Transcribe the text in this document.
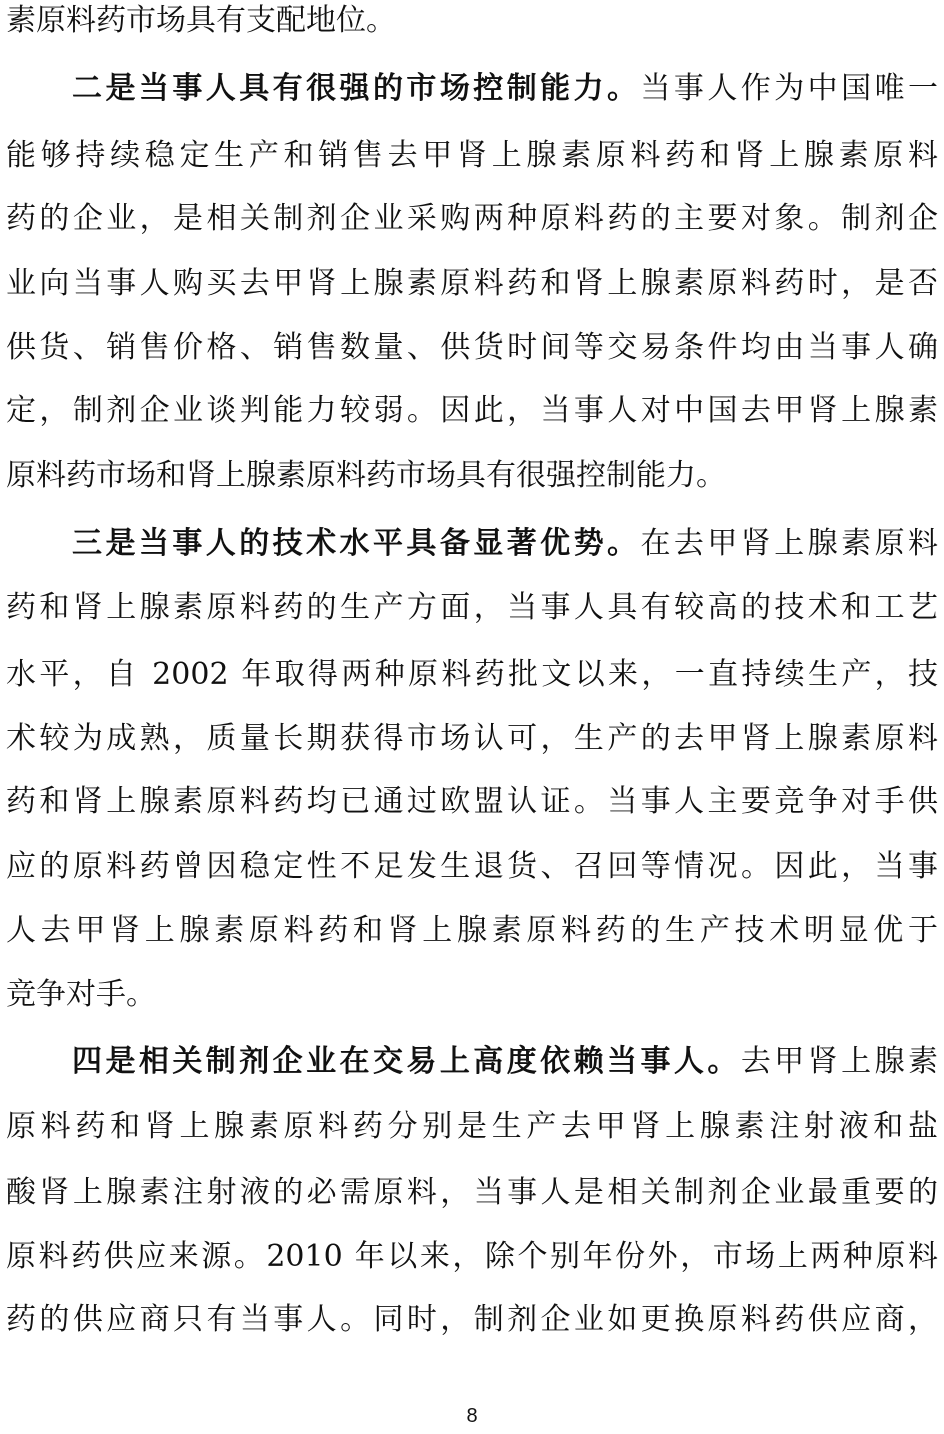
素原料药市场具有支配地位。
二是当事人具有很强的市场控制能力。当事人作为中国唯一
能够持续稳定生产和销售去甲肾上腺素原料药和肾上腺素原料
药的企业，是相关制剂企业采购两种原料药的主要对象。制剂企
业向当事人购买去甲肾上腺素原料药和肾上腺素原料药时，是否
供货、销售价格、销售数量、供货时间等交易条件均由当事人确
定，制剂企业谈判能力较弱。因此，当事人对中国去甲肾上腺素
原料药市场和肾上腺素原料药市场具有很强控制能力。
三是当事人的技术水平具备显著优势。在去甲肾上腺素原料
药和肾上腺素原料药的生产方面，当事人具有较高的技术和工艺
水平，自 2002 年取得两种原料药批文以来，一直持续生产，技
术较为成熟，质量长期获得市场认可，生产的去甲肾上腺素原料
药和肾上腺素原料药均已通过欧盟认证。当事人主要竞争对手供
应的原料药曾因稳定性不足发生退货、召回等情况。因此，当事
人去甲肾上腺素原料药和肾上腺素原料药的生产技术明显优于
竞争对手。
四是相关制剂企业在交易上高度依赖当事人。去甲肾上腺素
原料药和肾上腺素原料药分别是生产去甲肾上腺素注射液和盐
酸肾上腺素注射液的必需原料，当事人是相关制剂企业最重要的
原料药供应来源。2010 年以来，除个别年份外，市场上两种原料
药的供应商只有当事人。同时，制剂企业如更换原料药供应商，
8
